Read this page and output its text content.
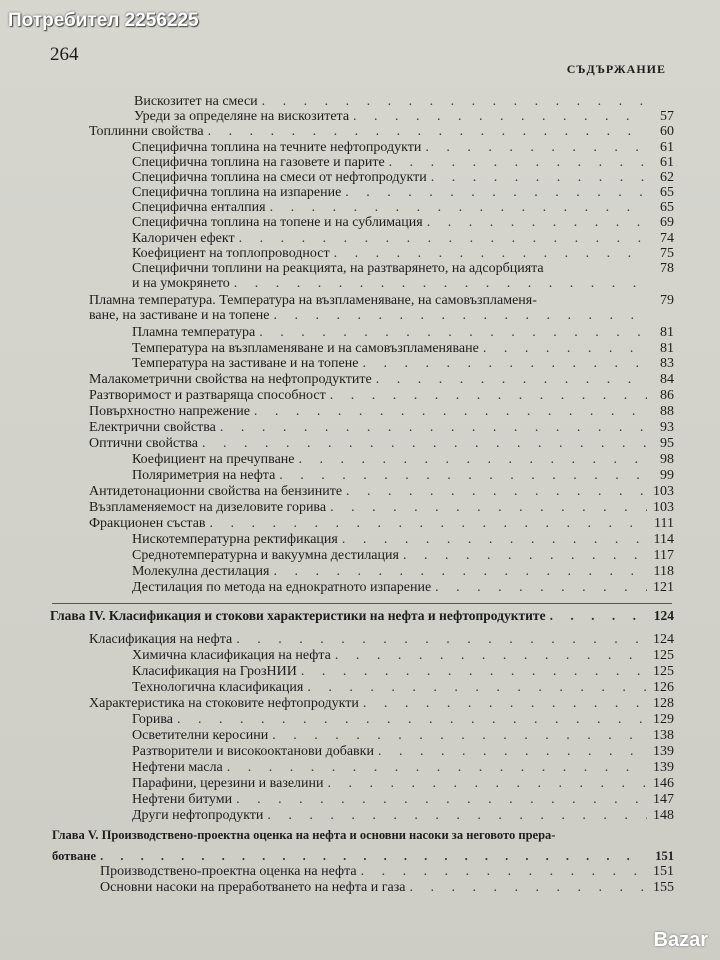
Потребител 2256225
264
СЪДЪРЖАНИЕ
Вискозитет на смеси
. . .
Уреди за определяне на вискозитета . . .	57
Топлинни свойства . . .	60
Специфична топлина на течните нефтопродукти . . .	61
Специфична топлина на газовете и парите . . .	61
Специфична топлина на смеси от нефтопродукти . . .	62
Специфична топлина на изпарение . . .	65
Специфична енталпия . . .	65
Специфична топлина на топене и на сублимация . . .	69
Калоричен ефект . . .	74
Коефициент на топлопроводност . . .	75
Специфични топлини на реакцията, на разтварянето, на адсорбцията	78
и на умокрянето
. . .
Пламна температура. Температура на възпламеняване, на самовъзпламеня-	79
ване, на застиване и на топене
. . .
Пламна температура . . .	81
Температура на възпламеняване и на самовъзпламеняване . . .	81
Температура на застиване и на топене . . .	83
Малакометрични свойства на нефтопродуктите . . .	84
Разтворимост и разтваряща способност . . .	86
Повърхностно напрежение . . .	88
Електрични свойства . . .	93
Оптични свойства . . .	95
Коефициент на пречупване . . .	98
Поляриметрия на нефта . . .	99
Антидетонационни свойства на бензините . . .	103
Възпламеняемост на дизеловите горива . . .	103
Фракционен състав . . .	111
Нискотемпературна ректификация . . .	114
Среднотемпературна и вакуумна дестилация . . .	117
Молекулна дестилация . . .	118
Дестилация по метода на еднократното изпарение . . .	121
Глава IV. Класификация и стокови характеристики на нефта и нефтопродуктите . . .	124
Класификация на нефта . . .	124
Химична класификация на нефта . . .	125
Класификация на ГрозНИИ . . .	125
Технологична класификация . . .	126
Характеристика на стоковите нефтопродукти . . .	128
Горива . . .	129
Осветителни керосини . . .	138
Разтворители и високооктанови добавки . . .	139
Нефтени масла . . .	139
Парафини, церезини и вазелини . . .	146
Нефтени битуми . . .	147
Други нефтопродукти . . .	148
Глава V. Производствено-проектна оценка на нефта и основни насоки за неговото прера-
ботване . . .	151
Производствено-проектна оценка на нефта . . .	151
Основни насоки на преработването на нефта и газа . . .	155
Bazar
